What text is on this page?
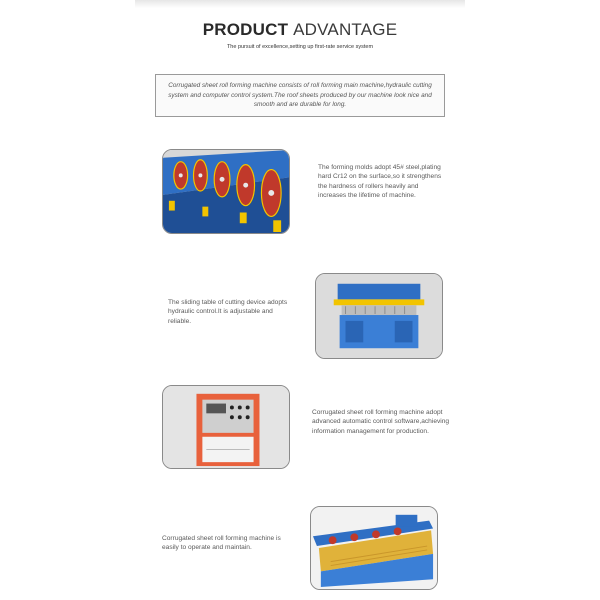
PRODUCT ADVANTAGE
The pursuit of excellence,setting up first-rate service system
Corrugated sheet roll forming machine consists of roll forming main machine,hydraulic cutting system and computer control system.The roof sheets produced by our machine look nice and smooth and are durable for long.
The forming molds adopt 45# steel,plating hard Cr12 on the surface,so it strengthens the hardness of rollers heavily and increases the lifetime of machine.
The sliding table of cutting device adopts hydraulic control.It is adjustable and reliable.
Corrugated sheet roll forming machine adopt advanced automatic control software,achieving information management for production.
Corrugated sheet roll forming machine is easily to operate and maintain.
